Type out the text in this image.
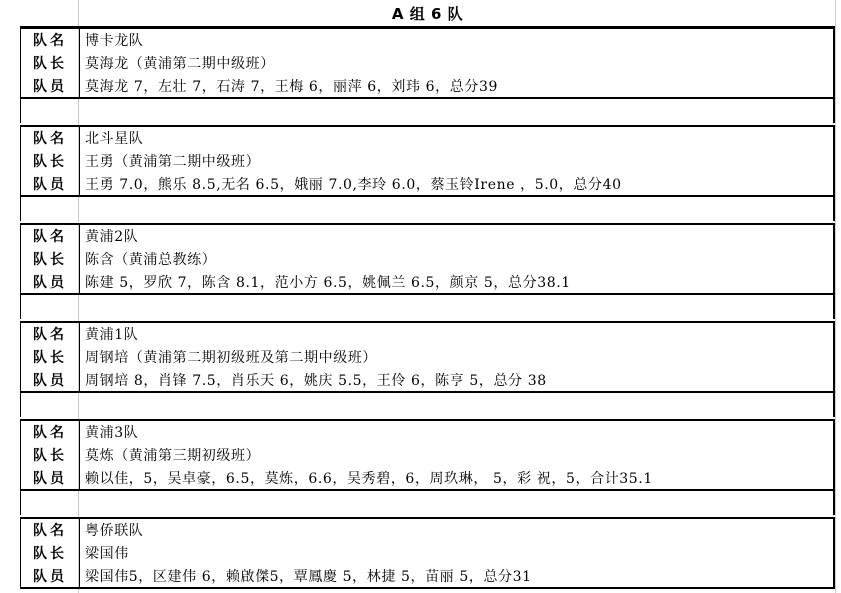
A 组 6 队
队名	博卡龙队
队长	莫海龙（黄浦第二期中级班）
队员	莫海龙 7，左壮 7，石涛 7，王梅 6，丽萍 6，刘玮 6，总分39
队名	北斗星队
队长	王勇（黄浦第二期中级班）
队员	王勇 7.0，熊乐 8.5,无名 6.5，娥丽 7.0,李玲 6.0，蔡玉铃Irene ，5.0，总分40
队名	黄浦2队
队长	陈含（黄浦总教练）
队员	陈建 5，罗欣 7，陈含 8.1，范小方 6.5，姚佩兰 6.5，颜京 5，总分38.1
队名	黄浦1队
队长	周钢培（黄浦第二期初级班及第二期中级班）
队员	周钢培 8，肖锋 7.5，肖乐天 6，姚庆 5.5，王伶 6，陈亨 5，总分 38
队名	黄浦3队
队长	莫炼（黄浦第三期初级班）
队员	赖以佳，5，吴卓豪，6.5，莫炼，6.6，吴秀碧，6，周玖琳， 5，彩 祝，5，合计35.1
队名	粤侨联队
队长	梁国伟
队员	梁国伟5，区建伟 6，赖啟傑5，覃鳳慶 5，林捷 5，苗丽 5，总分31
